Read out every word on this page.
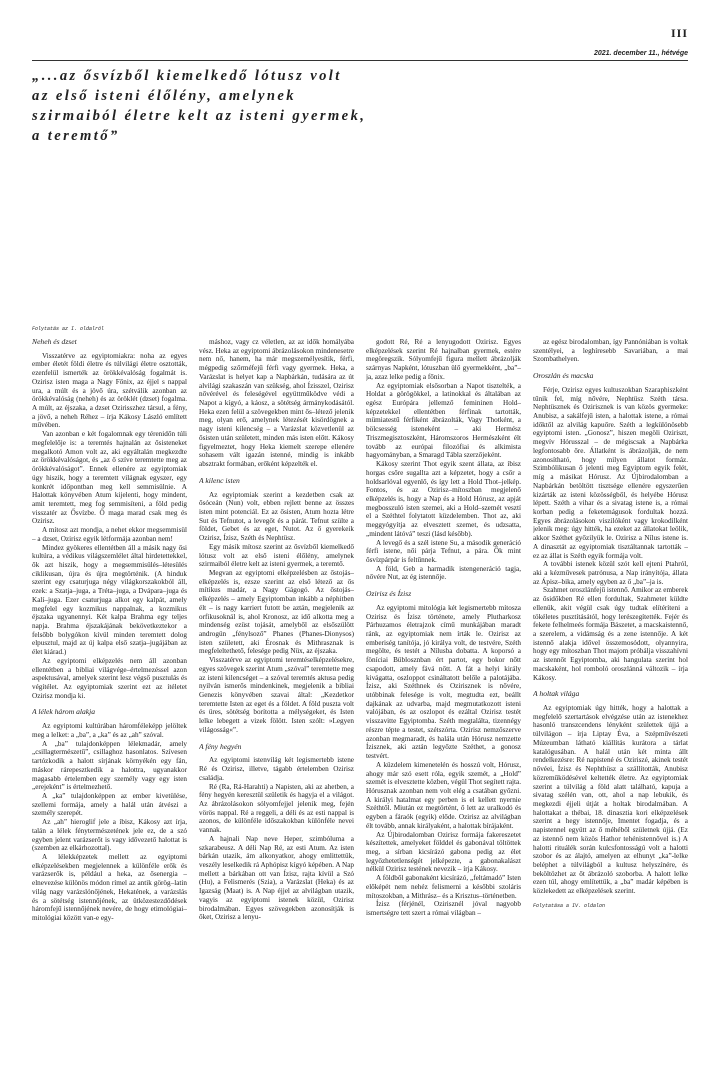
III
2021. december 11., hétvége
„...az ősvízből kiemelkedő lótusz volt
az első isteni élőlény, amelynek
szirmaiból életre kelt az isteni gyermek,
a teremtő”
Folytatás az I. oldalról
Neheh és dzset

Visszatérve az egyiptomiakra: noha az egyes ember életét földi életre és túlvilági életre osztották, ezenfelül ismerték az örökkévalóság fogalmát is. Ozirisz isten maga a Nagy Főnix, az éjjel s nappal ura, a múlt és a jövő úra, szétválik azonban az örökkévalóság (neheh) és az öröklét (dzset) fogalma. A múlt, az éjszaka, a dzset Ozirisszhez társul, a fény, a jövő, a neheh Réhez – írja Kákosy László említett művében.

Van azonban e két fogalomnak egy térenidőn túli megfelelője is: a teremtés hajnalán az ősisteneket megalkotó Amon volt az, aki egyáltalán megkezdte az örökkévalóságot, és „az ő szíve teremtette meg az örökkévalóságot”. Ennek ellenére az egyiptomiak úgy hiszik, hogy a teremtett világnak egyszer, egy konkrét időpontban meg kell semmisülnie. A Halottak könyvében Atum kijelenti, hogy mindent, amit teremtett, meg fog semmisíteni, a föld pedig visszatér az Ősvízbe. Ő maga marad csak meg és Ozirisz.

A mítosz azt mondja, a nehet ekkor megsemmisül – a dzset, Ozirisz egyik létformája azonban nem!

Mindez gyökeres ellentétben áll a másik nagy ősi kultúra, a védikus világszemlélet által hirdetettekkel, ők azt hiszik, hogy a megsemmisülés–létesülés ciklikusan, újra és újra megtörténik. (A hinduk szerint egy csaturjuga négy világkorszakokból áll, ezek: a Szatja–juga, a Tréta–juga, a Dvápara–juga és Kalí–juga. Ezer csaturjuga alkot egy kalpát, amely megfelel egy kozmikus nappalnak, a kozmikus éjszaka ugyanennyi. Két kalpa Brahma egy teljes napja. Brahma éjszakájának bekövetkeztekor a felsőbb bolygókon kívül minden teremtett dolog elpusztul, majd az új kalpa első szatja–jugájában az élet kiárad.)

Az egyiptomi elképzelés nem áll azonban ellentétben a bibliai világvége–értelmezéssel azon aspektusával, amelyek szerint lesz végső pusztulás és végítélet. Az egyiptomiak szerint ezt az ítéletet Ozirisz mondja ki.

A lélek három alakja

Az egyiptomi kultúrában háromféleképp jelöltek meg a lelket: a „ba”, a „ka” és az „ah” szóval.

A „ba” tulajdonképpen lélekmadár, amely „csillagtermészetű”, csillaghoz hasonlatos. Szívesen tartózkodik a halott sírjának környékén egy fán, máskor rárepesztkedik a halottra, ugyanakkor magasabb értelemben egy személy vagy egy isten „erejeként” is értelmezhető.

A „ka” tulajdonképpen az ember kivetülése, szellemi formája, amely a halál után átvészi a személy szerepét.

Az „ah” hieroglif jele a íbisz, Kákosy azt írja, talán a lélek fénytermészetének jele ez, de a szó egyben jelent varázserőt is vagy idővezető halottat is (szemben az elkárhozottal).

A lélekképzetek mellett az egyiptomi elképzelésekben megjelennek a különféle erők és varázserők is, például a heka, az ősenergia – elnevezése különös módon rímel az antik görög–latin világ nagy varázslónőjének, Hekatének, a varázslás és a sötétség istennőjének, az ütközestezdődések háromfejű istennőjének nevére, de hogy etimológiai–mitológiai között van-e egy-

máshoz, vagy cz véletlen, az az idők homályába vész. Heka az egyiptomi ábrázolásokon mindenesetre nem nő, hanem, ha már megszemélyesítik, férfi, mégpedig szőrméfejű férfi vagy gyermek. Heka, a Varázslat is helyet kap a Napbárkán, tudására az út alvilági szakaszán van szükség, ahol Ízisszel, Ozirisz nővérével és feleségével együttműködve védi a Napot a kígyó, a káosz, a sötétség ármánykodásától. Heka ezen felül a szövegekben mint ős–létező jelenik meg, olyan erő, amelynek létezését kisördögnek a nagy isteni kilencség – a Varázslat közvetlenül az ősisten után született, minden más isten előtt. Kákosy figyelmeztet, hogy Heka kiemelt szerepe ellenére sohasem vált igazán istenné, mindig is inkább absztrakt formában, erőként képzelték el.

A kilenc isten

Az egyiptomiak szerint a kezdetben csak az ősóceán (Nun) volt, ebben rejlett benne az összes isten mint potenciál. Ez az ősisten, Atum hozta létre Sut és Tefnutot, a levegőt és a párát. Tefnut szülte a földet, Gebet és az eget, Nutot. Az ő gyerekeik Ozirisz, Ízisz, Széth és Nephtüsz.

Egy másik mítosz szerint az ősvízből kiemelkedő lótusz volt az első isteni élőlény, amelynek szirmaiból életre kelt az isteni gyermek, a teremtő.

Megvan az egyiptomi elképzelésben az őstojás–elképzelés is, ezsze szerint az első létező az ős mítikus madár, a Nagy Gágogó. Az őstojás–elképzelés – amely Egyiptomban inkább a néphitben élt – is nagy karriert futott be aztán, megjelenik az orfikusoknál is, ahol Kronosz, az idő alkotta meg a mindenség ezüst tojását, amelyből az elsőszülött androgün „fénylsoző” Phanes (Phanes-Dionysos) isten született, aki Érosnak és Mithrasznak is megfeleltethető, felesége pedig Nüx, az éjszaka.

Visszatérve az egyiptomi teremtéselképzelésekre, egyes szövegek szerint Atum „szóval” teremtette meg az isteni kilencséget – a szóval teremtés aktusa pedig nyilván ismerős mindenkinek, megjelenik a bibliai Genezis könyvében szavai által: „Kezdetkor teremtette Isten az eget és a földet. A föld puszta volt és üres, sötétség borította a mélységeket, és Isten lelke lebegett a vizek fölött. Isten szólt: »Legyen világosság«”.

A fény hegyén

Az egyiptomi istenvilág két legismertebb istene Ré és Ozirisz, illetve, tágabb értelemben Ozirisz családja.

Ré (Ra, Rá-Harahti) a Napisten, aki az ahetben, a fény hegyén keresztül születik és hagyja el a világot. Az ábrázolásokon sólyomfejjel jelenik meg, fején vörös nappal. Ré a reggeli, a déli és az esti nappal is azonos, de különféle időszakokban különféle nevei vannak.

A hajnali Nap neve Heper, szimbóluma a szkarabeusz. A déli Nap Ré, az esti Atum. Az isten bárkán utazik, ám alkonyatkor, ahogy emlittettük, veszély leselkedik rá Aphópisz kígyó képében. A Nap mellett a bárkában ott van Ízisz, rajta kívül a Szó (Hu), a Felismerés (Szia), a Varázslat (Heka) és az Igazság (Maat) is. A Nap éjjel az alvilágban utazik, vagyis az egyiptomi istenek közül, Ozirisz birodalmában. Egyes szövegekben azonosítják is őket, Ozirisz a lenyu-

godott Ré, Ré a lenyugodott Ozirisz. Egyes elképzelések szerint Ré hajnalban gyermek, estére megöregszik. Sólyomfejű figura mellett ábrázolják szárnyas Napként, lótuszban ülő gyermekként, „ba”–ja, azaz lelke pedig a főnix.

Az egyiptomiak elsősorban a Napot tisztelték, a Holdat a görögökkel, a latinokkal és általában az egész Európára jellemző femininen Hold–képzetekkel ellentétben férfinak tartották, mümiatestű férfiként ábrázolták, Vagy Thotként, a bölcsesség isteneként – aki Hermész Triszmegisztoszként, Háromszoros Hermészként élt tovább az európai filozófiai és alkimista hagyományban, a Smaragd Tábla szerzőjeként.

Kákosy szerint Thot egyik szent állata, az íbisz horgas csőre sugallta azt a képzetet, hogy a csőr a holdsarlóval egyenlő, és így lett a Hold Thot–jelkép. Fontos, és az Ozirisz–mítoszban megjelenő elképzelés is, hogy a Nap és a Hold Hórusz, az apját megbosszuló isten szemei, aki a Hold–szemét vesztí el a Széthtel folytatott küzdelemben. Thot az, aki meggyógyítja az elvesztett szemet, és udzsatta, „mindent látóvá” teszi (lásd később).

A levegő és a szél istene Su, a második generáció férfi istene, női párja Tefnut, a pára. Ők mint ősvízpárpár is feltűnnek.

A föld, Geb a harmadik istengeneráció tagja, nővére Nut, az ég istennője.

Ozirisz és Ízisz

Az egyiptomi mitológia két legismertebb mítosza Ozirisz és Ízisz története, amely Plutharkosz Párhuzamos életrajzok című munkájában maradt ránk, az egyiptomiak nem írták le. Ozirisz az emberiség tanítója, jó királya volt, de testvére, Széth megölte, és testét a Nílusba dobatta. A koporsó a föníciai Büblosznban ért partot, egy bokor nőtt csapodott, amely fává nőtt. A fát a helyi király kivágatta, oszloppot csináltatott belőle a palotájába. Ízisz, aki Széthnek és Ozirisznek is nővére, utóbbinak felesége is volt, megtudta ezt, beállt dajkának az udvarba, majd megmutatkozott isteni valójában, és az oszlopot és ezáltal Ozirisz testét visszavitte Egyiptomba. Széth megtalálta, tizennégy részre tépte a testet, szétszórta. Ozirisz nemzőszerve azonban megmaradt, és halála után Hórusz nemzette Ízisznek, aki aztán legyőzte Széthet, a gonosz testvért.

A küzdelem kimenetelén és hosszú volt, Hórusz, ahogy már szó esett róla, egyik szemét, a „Hold” szemét is elvesztette közben, végül Thot segített rajta. Hórusznak azonban nem volt elég a csatában győzni. A királyi hatalmat egy perben is el kellett nyernie Széthtől. Miután ez megtörtént, ő lett az uralkodó és egyben a fáraók (egyik) előde. Ozirisz az alvilágban élt tovább, annak királyaként, a halottak bírájaként.

Az Újbirodalomban Ozirisz formája fakereszetet készítettek, amelyeket földdel és gabonával töltöttek meg, a sírban kicsírázó gabona pedig az élet legyőzhetetlenségét jelképezte, a gabonakalászt nélkül Ozirisz testének nevezik – írja Kákosy.

A földből gabonaként kicsírázó, „feltámadó” Isten előképét nem nehéz felismerni a későbbi szoláris mítoszokban, a Mithrász– és a Krisztus–történetben.

Ízisz (férjénél, Ozirisznél jóval nagyobb ismertségre tett szert a római világban –

az egész birodalomban, így Pannóniában is voltak szentélyei, a leghíresebb Savariában, a mai Szombathelyen.

Oroszlán és macska

Férje, Ozirisz egyes kultuszokban Szaraphiszként tűnik fel, míg nővére, Nephtüsz Széth társa. Nephtüsznek és Ozirisznek is van közös gyermeke: Anubisz, a sakálfejű isten, a halottak istene, a római időktől az alvilág kapuőre. Széth a legkülönösebb egyiptomi isten. „Gonosz”, hiszen megöli Oziriszt, megvív Hórusszal – de mégiscsak a Napbárka legfontosabb őre. Állatként is ábrázolják, de nem azonosítható, hogy milyen állatot formáz. Szimbólikusan ő jelenti meg Egyiptom egyik felét, míg a másikat Hórusz. Az Újbirodalomban a Napbárkán betöltött tisztsége ellenére egyszerűen kizárták az isteni közösségből, és helyébe Hórusz lépett. Széth a vihar és a sivatag istene is, a római korban pedig a feketemágusok fordultak hozzá. Egyes ábrázolásokon viszilóként vagy krokodilként jelenik meg: úgy hitték, ha ezeket az állatokat leölik, akkor Széthet győzilyük le. Ozirisz a Nílus istene is. A dinasztát az egyiptomiak tisztáltannak tartották – ez az állat is Széth egyik formája volt.

A további istenek közül szót kell ejteni Ptahról, aki a kézművesek patrónusa, a Nap irányítója, állata az Ápisz–bika, amely egyben az ő „ba”–ja is.

Szahmet oroszlánfejű istennő. Amikor az emberek az ősidőkben Ré ellen fordultak, Szahmetet küldte ellenük, akit végül csak úgy tudtak elítéríteni a tökéletes pusztításától, hogy lerészegítették. Fejér és fekete felhelmeés formája Bászetet, a macskaistennő, a szerelem, a vidámság és a zene istennője. A két istennő alakja idővel összemosódott, olyannyira, hogy egy mítoszban Thot majom próbálja visszahívni az istennőt Egyiptomba, aki hangulata szerint hol macskaként, hol romboló oroszlánná változik – írja Kákosy.

A holtak világa

Az egyiptomiak úgy hitték, hogy a halottak a megfelelő szertartások elvégzése után az istenekhez hasonló transzcendens lényként születtek újjá a túlvilágon – írja Liptay Éva, a Szépművészeti Múzeumban látható kiállítás kurátora a tárlat katalógusában. A halál után két minta állt rendelkezésre: Ré napistené és Oziriszé, akinek testét nővéei, Ízisz és Nephthüsz a szállították, Anubisz közreműködésével keltették életre. Az egyiptomiak szerint a túlvilág a föld alatt található, kapuja a sivatag szélén van, ott, ahol a nap lebukik, és megkezdi éjjeli útját a holtak birodalmában. A halottakat a thébai, 18. dinasztia kori elképzelések szerint a hegy istennője, Imentet fogadja, és a napistennel együtt az ő méhéből születnek újjá. (Ez az istennő nem közös Hathor tehénistennővel is.) A halotti rituálék során kulcsfontosságú volt a halotti szobor és az álajtó, amelyen az elhunyt „ka”-lelke beléphet a túlvilágból a kultusz helyszínére, és beköltözhet az őt ábrázoló szoborba. A halott lelke ezen túl, ahogy említettük, a „ba” madár képében is közlekedett az elképzelések szerint.

Folytatása a IV. oldalon
